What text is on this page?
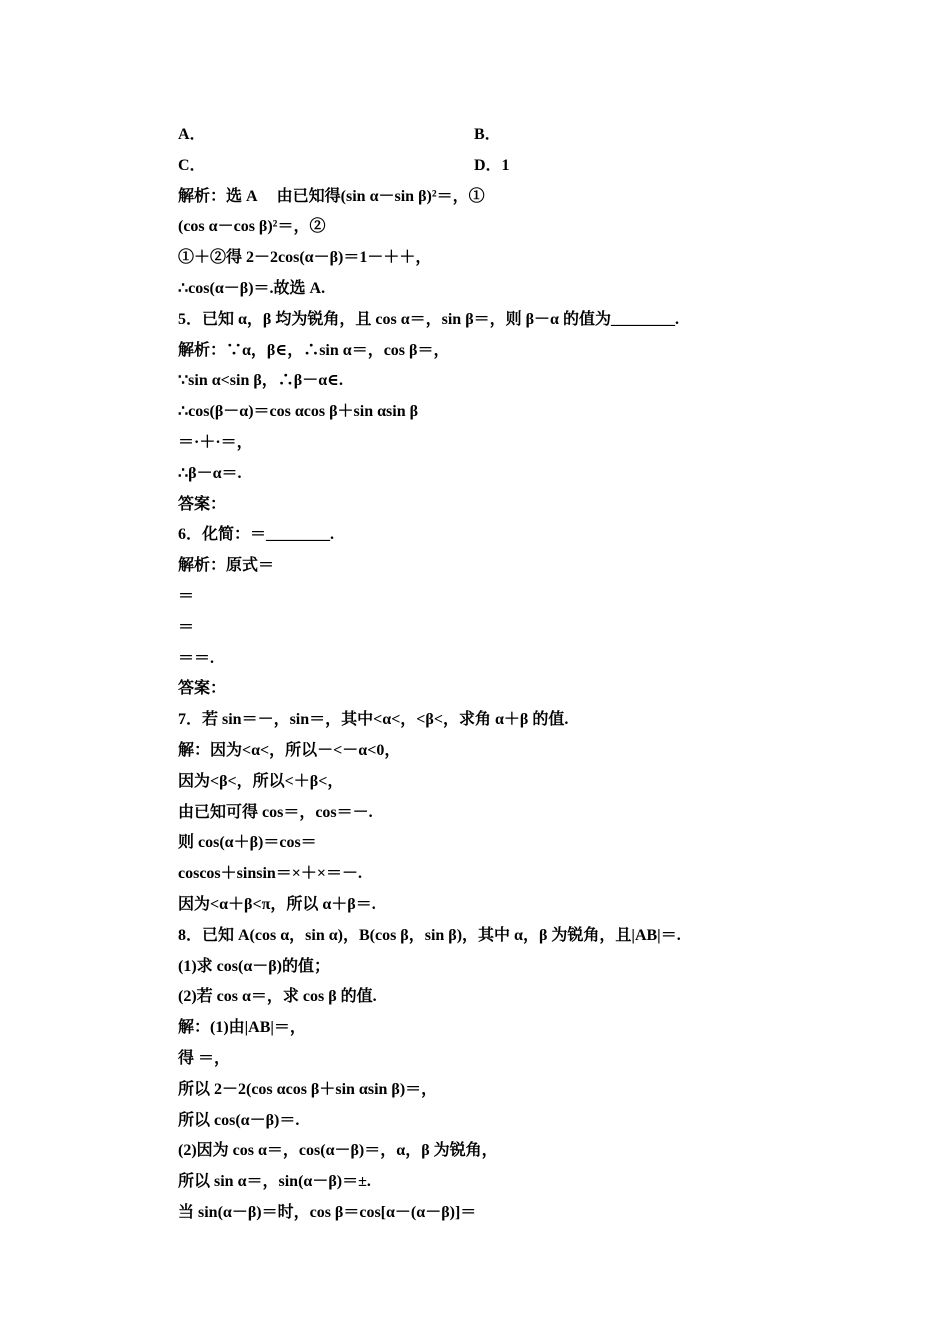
A．	B．
C．	D．1
解析：选 A　 由已知得(sin α－sin β)²＝，①
(cos α－cos β)²＝，②
①＋②得 2－2cos(α－β)＝1－＋＋，
∴cos(α－β)＝.故选 A.
5．已知 α，β 均为锐角，且 cos α＝，sin β＝，则 β－α 的值为________.
解析：∵α，β∈，∴sin α＝，cos β＝，
∵sin α<sin β，∴β－α∈.
∴cos(β－α)＝cos αcos β＋sin αsin β
＝·＋·＝，
∴β－α＝.
答案：
6．化简：＝________.
解析：原式＝
＝
＝
＝＝.
答案：
7．若 sin＝－，sin＝，其中<α<，<β<，求角 α＋β 的值.
解：因为<α<，所以－<－α<0，
因为<β<，所以<＋β<，
由已知可得 cos＝，cos＝－.
则 cos(α＋β)＝cos＝
coscos＋sinsin＝×＋×＝－.
因为<α＋β<π，所以 α＋β＝.
8．已知 A(cos α，sin α)，B(cos β，sin β)，其中 α，β 为锐角，且|AB|＝.
(1)求 cos(α－β)的值；
(2)若 cos α＝，求 cos β 的值.
解：(1)由|AB|＝，
得 ＝，
所以 2－2(cos αcos β＋sin αsin β)＝，
所以 cos(α－β)＝.
(2)因为 cos α＝，cos(α－β)＝，α，β 为锐角，
所以 sin α＝，sin(α－β)＝±.
当 sin(α－β)＝时，cos β＝cos[α－(α－β)]＝
